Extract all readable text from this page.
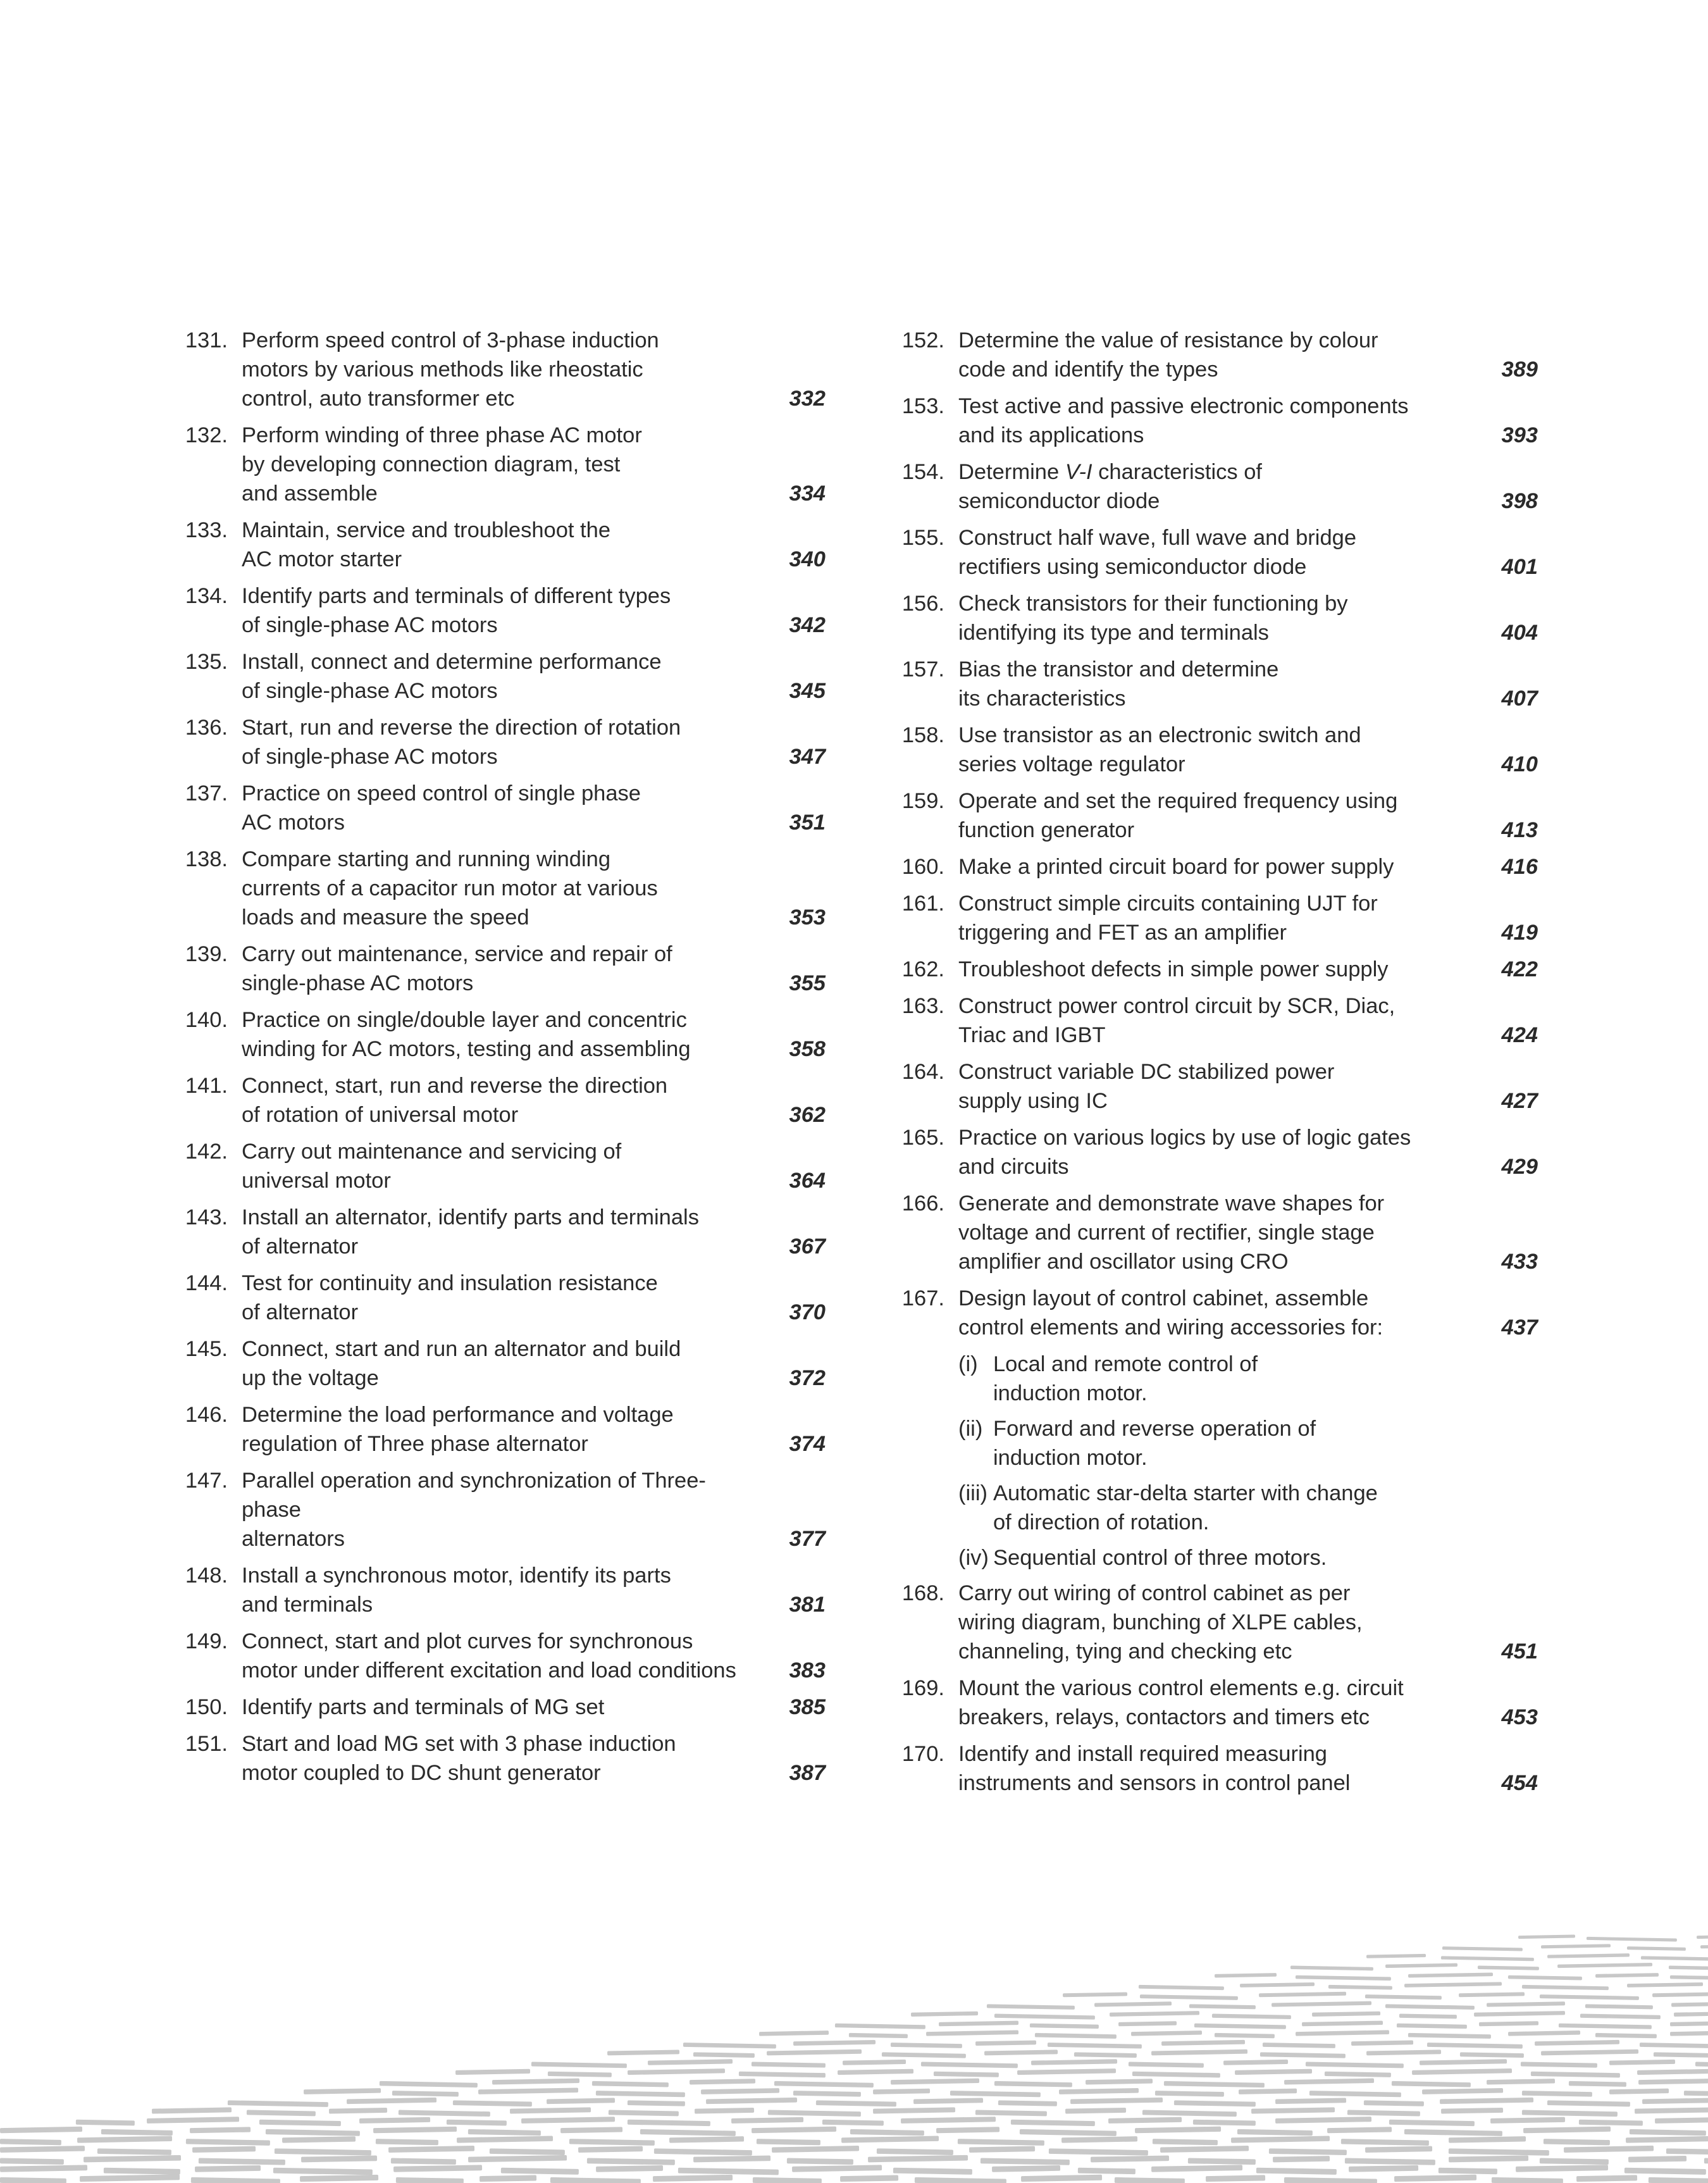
131. Perform speed control of 3-phase induction
motors by various methods like rheostatic
control, auto transformer etc	332
132. Perform winding of three phase AC motor
by developing connection diagram, test
and assemble	334
133. Maintain, service and troubleshoot the
AC motor starter	340
134. Identify parts and terminals of different types
of single-phase AC motors	342
135. Install, connect and determine performance
of single-phase AC motors	345
136. Start, run and reverse the direction of rotation
of single-phase AC motors	347
137. Practice on speed control of single phase
AC motors	351
138. Compare starting and running winding
currents of a capacitor run motor at various
loads and measure the speed	353
139. Carry out maintenance, service and repair of
single-phase AC motors	355
140. Practice on single/double layer and concentric
winding for AC motors, testing and assembling	358
141. Connect, start, run and reverse the direction
of rotation of universal motor	362
142. Carry out maintenance and servicing of
universal motor	364
143. Install an alternator, identify parts and terminals
of alternator	367
144. Test for continuity and insulation resistance
of alternator	370
145. Connect, start and run an alternator and build
up the voltage	372
146. Determine the load performance and voltage
regulation of Three phase alternator	374
147. Parallel operation and synchronization of Three-phase
alternators	377
148. Install a synchronous motor, identify its parts
and terminals	381
149. Connect, start and plot curves for synchronous
motor under different excitation and load conditions	383
150. Identify parts and terminals of MG set	385
151. Start and load MG set with 3 phase induction
motor coupled to DC shunt generator	387
152. Determine the value of resistance by colour
code and identify the types	389
153. Test active and passive electronic components
and its applications	393
154. Determine V-I characteristics of
semiconductor diode	398
155. Construct half wave, full wave and bridge
rectifiers using semiconductor diode	401
156. Check transistors for their functioning by
identifying its type and terminals	404
157. Bias the transistor and determine
its characteristics	407
158. Use transistor as an electronic switch and
series voltage regulator	410
159. Operate and set the required frequency using
function generator	413
160. Make a printed circuit board for power supply	416
161. Construct simple circuits containing UJT for
triggering and FET as an amplifier	419
162. Troubleshoot defects in simple power supply	422
163. Construct power control circuit by SCR, Diac,
Triac and IGBT	424
164. Construct variable DC stabilized power
supply using IC	427
165. Practice on various logics by use of logic gates
and circuits	429
166. Generate and demonstrate wave shapes for
voltage and current of rectifier, single stage
amplifier and oscillator using CRO	433
167. Design layout of control cabinet, assemble
control elements and wiring accessories for:	437
(i) Local and remote control of
induction motor.
(ii) Forward and reverse operation of
induction motor.
(iii) Automatic star-delta starter with change
of direction of rotation.
(iv) Sequential control of three motors.
168. Carry out wiring of control cabinet as per
wiring diagram, bunching of XLPE cables,
channeling, tying and checking etc	451
169. Mount the various control elements e.g. circuit
breakers, relays, contactors and timers etc	453
170. Identify and install required measuring
instruments and sensors in control panel	454
